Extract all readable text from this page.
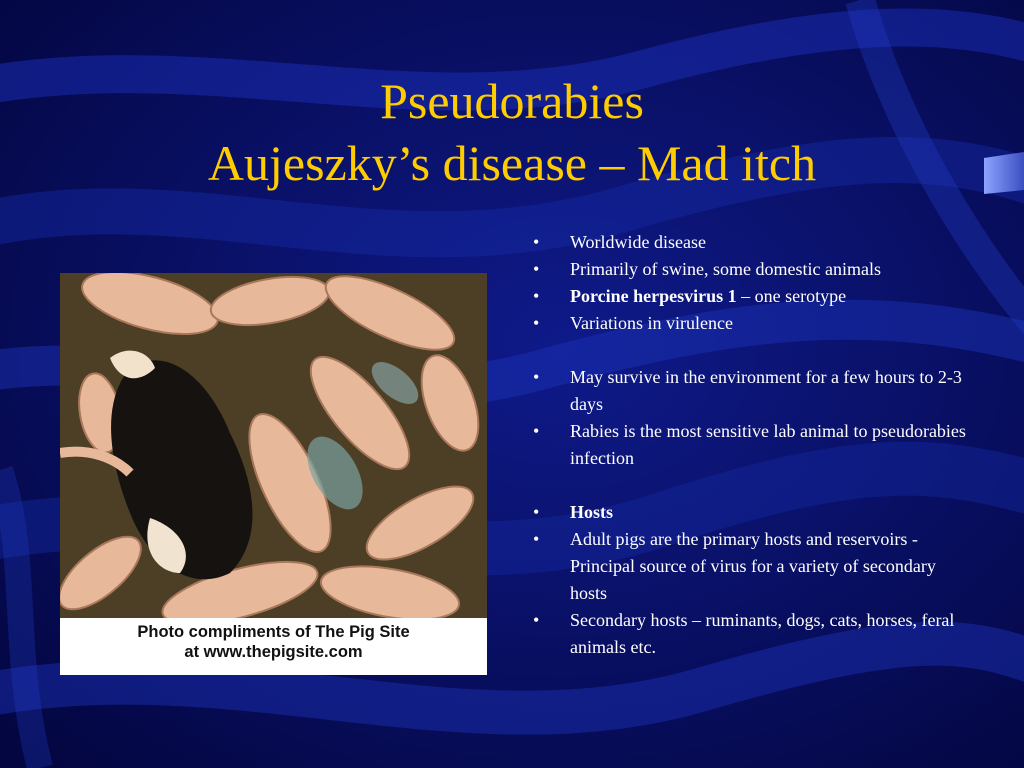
Pseudorabies
Aujeszky’s disease – Mad itch
Photo compliments of The Pig Site
at www.thepigsite.com
• Worldwide disease
• Primarily of swine, some domestic animals
• Porcine herpesvirus 1 – one serotype
• Variations in virulence
• May survive in the environment for a few hours to 2-3 days
• Rabies is the most sensitive lab animal to pseudorabies infection
• Hosts
• Adult pigs are the primary hosts and reservoirs - Principal source of virus for a variety of secondary hosts
• Secondary hosts – ruminants, dogs, cats, horses, feral animals etc.
